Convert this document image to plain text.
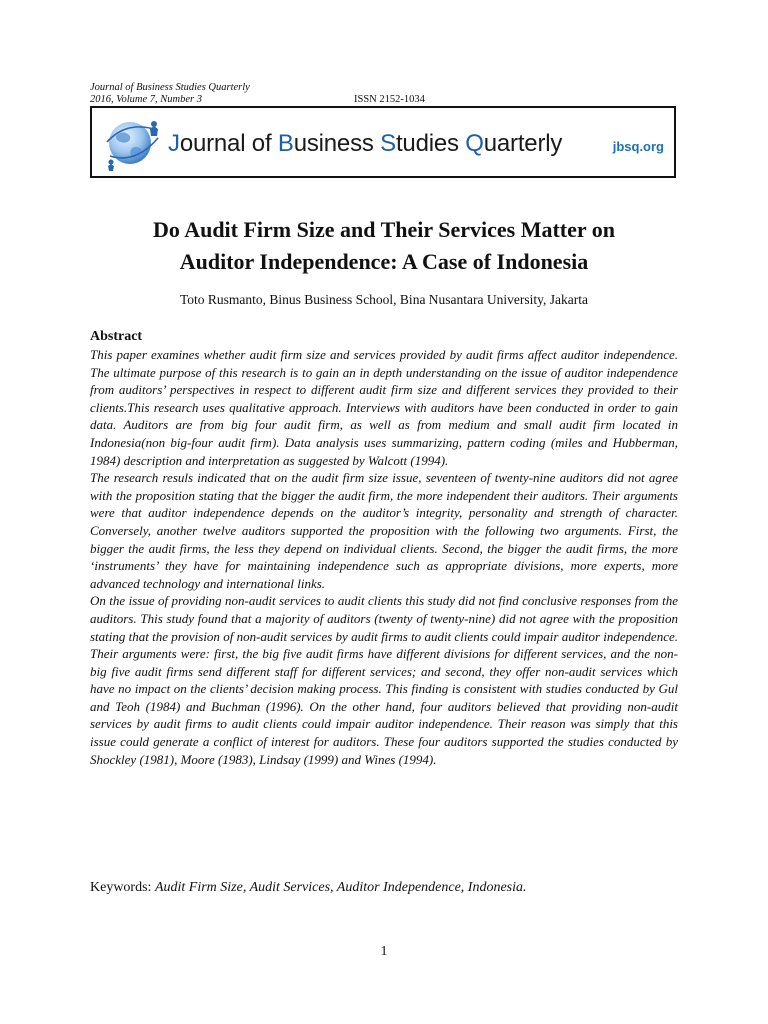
Journal of Business Studies Quarterly
2016, Volume 7, Number 3	ISSN 2152-1034
Journal of Business Studies Quarterly	jbsq.org
Do Audit Firm Size and Their Services Matter on
Auditor Independence: A Case of Indonesia
Toto Rusmanto, Binus Business School, Bina Nusantara University, Jakarta
Abstract

This paper examines whether audit firm size and services provided by audit firms affect auditor independence. The ultimate purpose of this research is to gain an in depth understanding on the issue of auditor independence from auditors’ perspectives in respect to different audit firm size and different services they provided to their clients.This research uses qualitative approach. Interviews with auditors have been conducted in order to gain data. Auditors are from big four audit firm, as well as from medium and small audit firm located in Indonesia(non big-four audit firm). Data analysis uses summarizing, pattern coding (miles and Hubberman, 1984) description and interpretation as suggested by Walcott (1994).

The research resuls indicated that on the audit firm size issue, seventeen of twenty-nine auditors did not agree with the proposition stating that the bigger the audit firm, the more independent their auditors. Their arguments were that auditor independence depends on the auditor’s integrity, personality and strength of character. Conversely, another twelve auditors supported the proposition with the following two arguments. First, the bigger the audit firms, the less they depend on individual clients. Second, the bigger the audit firms, the more ‘instruments’ they have for maintaining independence such as appropriate divisions, more experts, more advanced technology and international links.

On the issue of providing non-audit services to audit clients this study did not find conclusive responses from the auditors. This study found that a majority of auditors (twenty of twenty-nine) did not agree with the proposition stating that the provision of non-audit services by audit firms to audit clients could impair auditor independence. Their arguments were: first, the big five audit firms have different divisions for different services, and the non-big five audit firms send different staff for different services; and second, they offer non-audit services which have no impact on the clients’ decision making process. This finding is consistent with studies conducted by Gul and Teoh (1984) and Buchman (1996). On the other hand, four auditors believed that providing non-audit services by audit firms to audit clients could impair auditor independence. Their reason was simply that this issue could generate a conflict of interest for auditors. These four auditors supported the studies conducted by Shockley (1981), Moore (1983), Lindsay (1999) and Wines (1994).

Keywords: Audit Firm Size, Audit Services, Auditor Independence, Indonesia.
1
